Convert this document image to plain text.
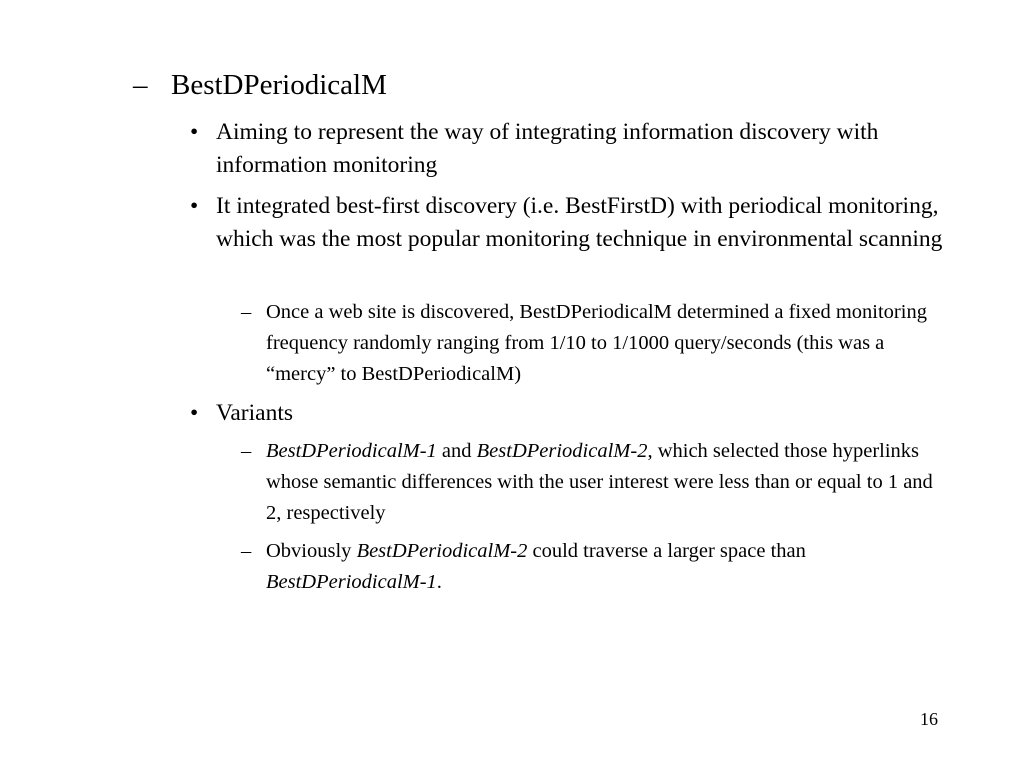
– BestDPeriodicalM
• Aiming to represent the way of integrating information discovery with information monitoring
• It integrated best-first discovery (i.e. BestFirstD) with periodical monitoring, which was the most popular monitoring technique in environmental scanning
– Once a web site is discovered, BestDPeriodicalM determined a fixed monitoring frequency randomly ranging from 1/10 to 1/1000 query/seconds (this was a “mercy” to BestDPeriodicalM)
• Variants
– BestDPeriodicalM-1 and BestDPeriodicalM-2, which selected those hyperlinks whose semantic differences with the user interest were less than or equal to 1 and 2, respectively
– Obviously BestDPeriodicalM-2 could traverse a larger space than BestDPeriodicalM-1.
16
